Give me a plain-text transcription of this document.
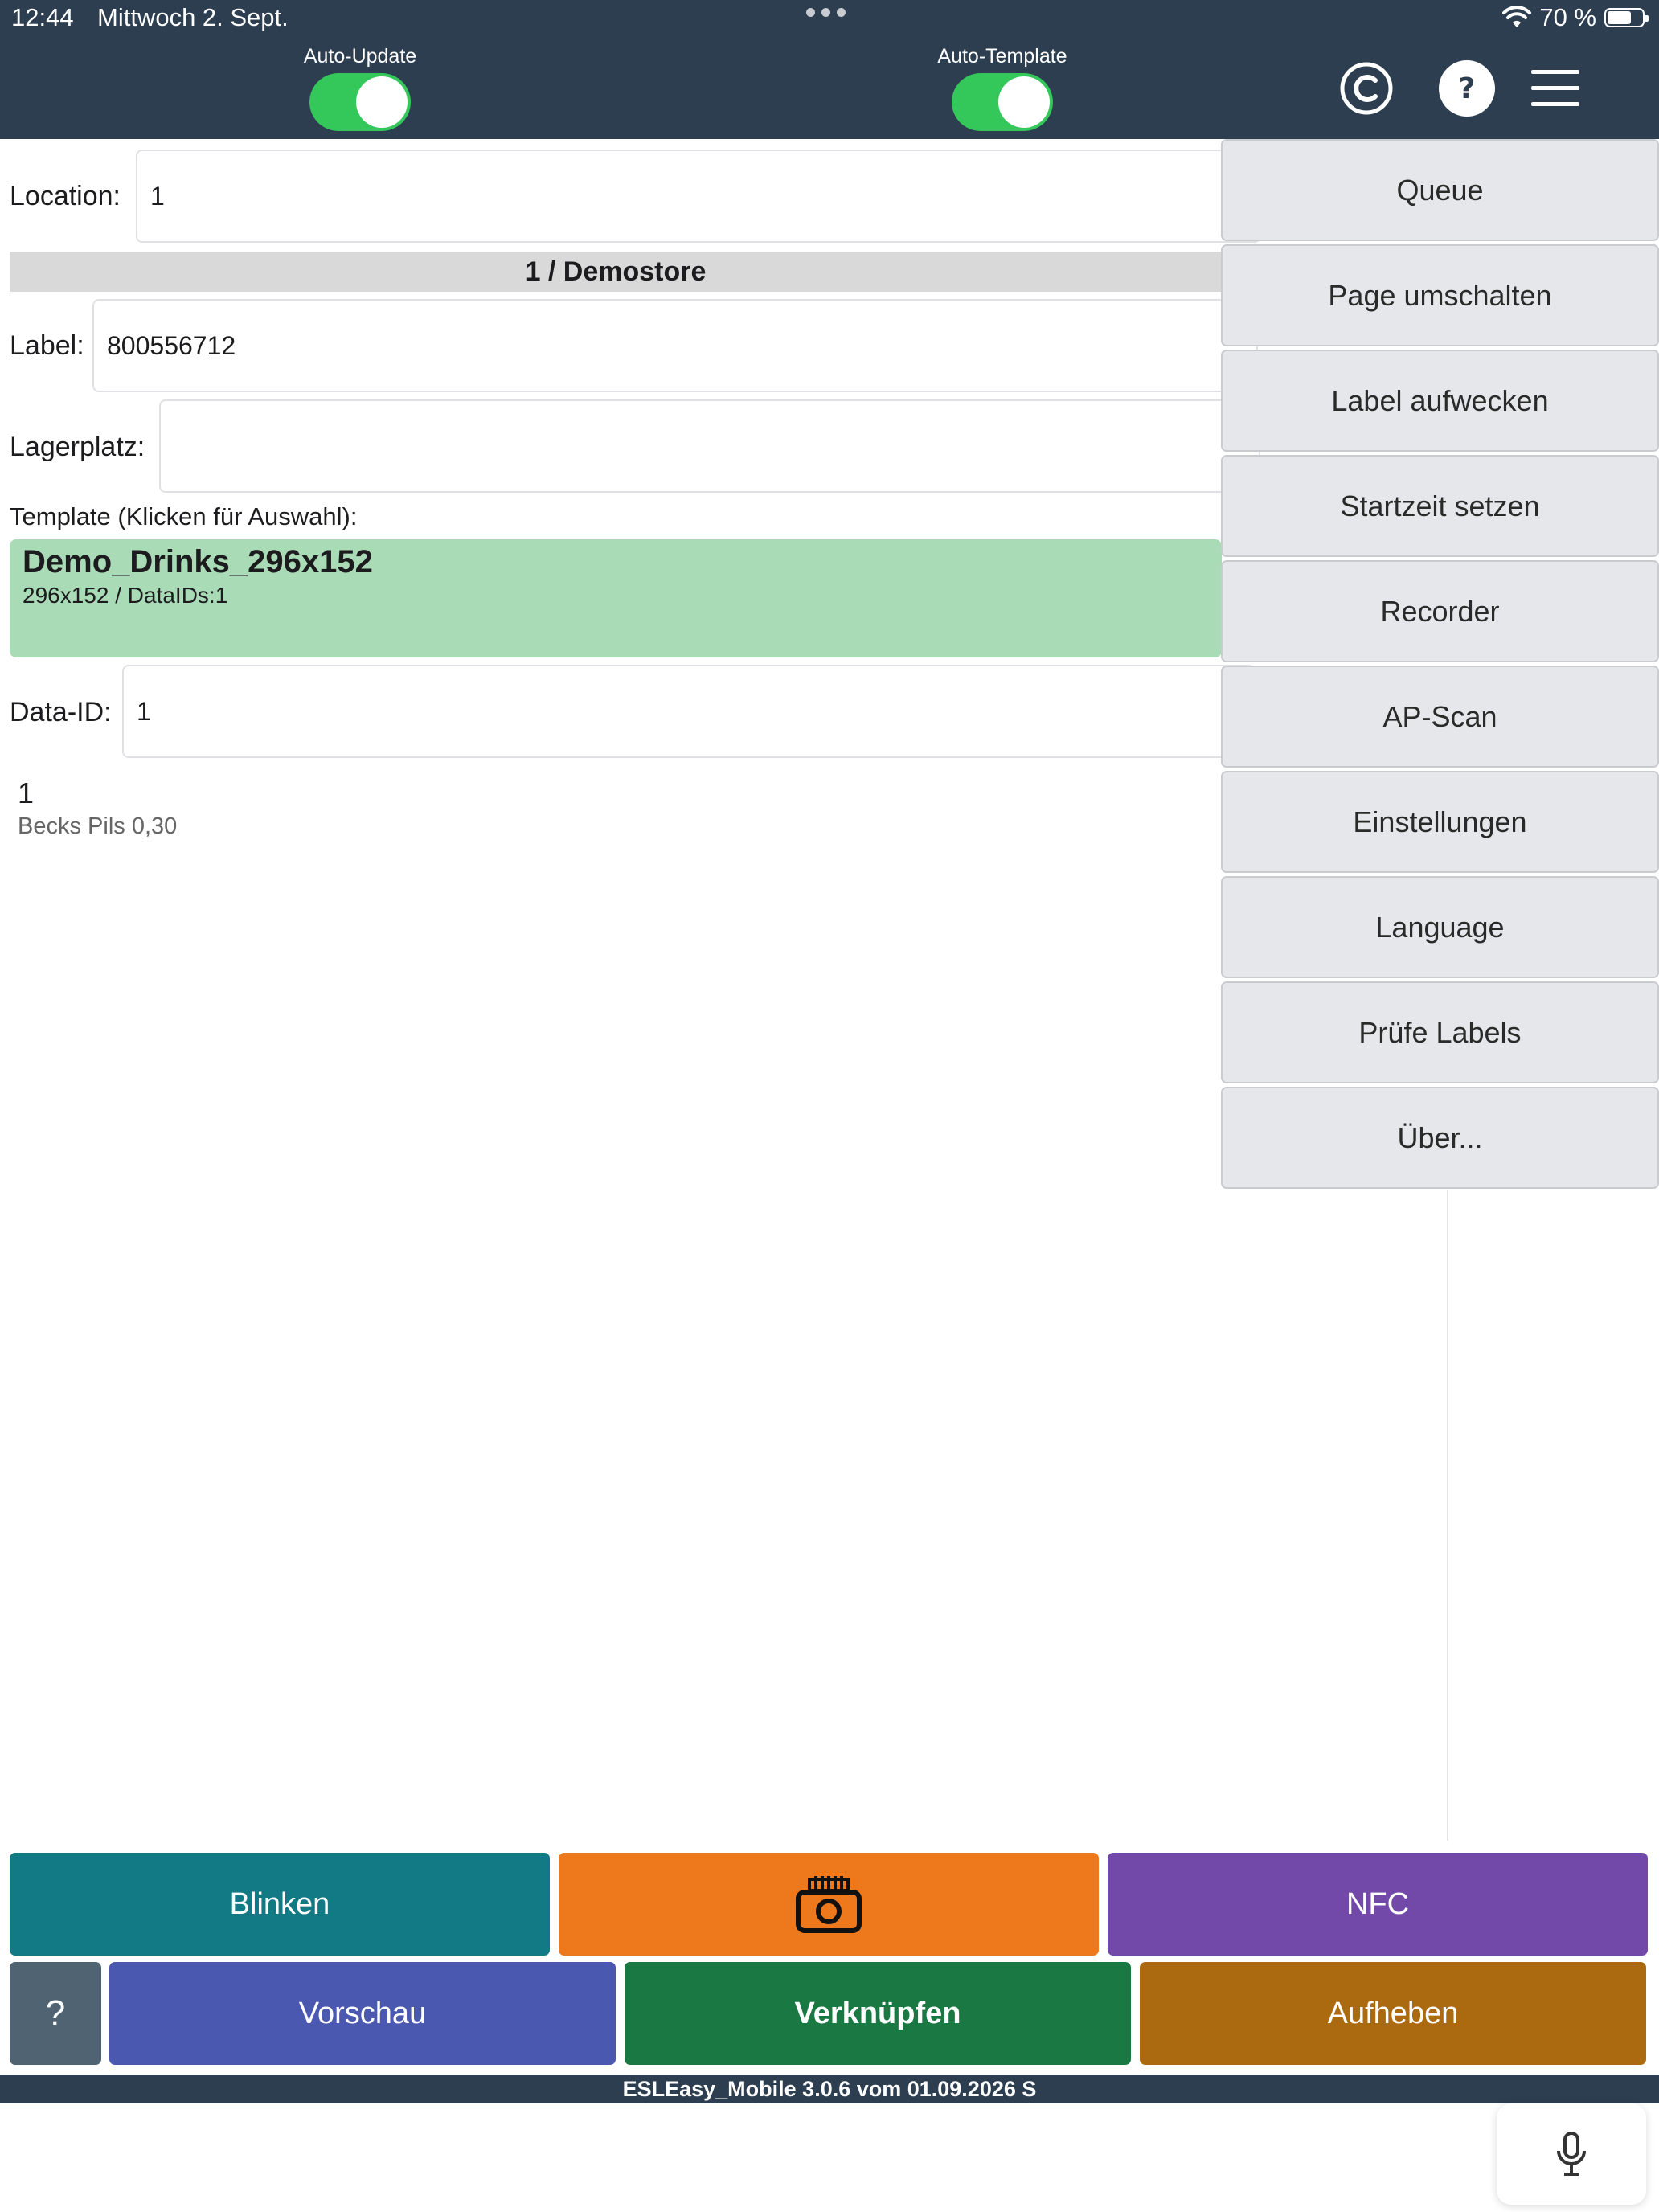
12:44 Mittwoch 2. Sept.	70 %
Auto-Update	Auto-Template
?
Location:	1
1 / Demostore
Label: 800556712
Lagerplatz:
Template (Klicken für Auswahl):
Demo_Drinks_296x152
296x152 / DataIDs:1
Data-ID: 1
1
Becks Pils 0,30
Queue
Page umschalten
Label aufwecken
Startzeit setzen
Recorder
AP-Scan
Einstellungen
Language
Prüfe Labels
Über...
Blinken	NFC
?	Vorschau	Verknüpfen	Aufheben
ESLEasy_Mobile 3.0.6 vom 01.09.2026 S
